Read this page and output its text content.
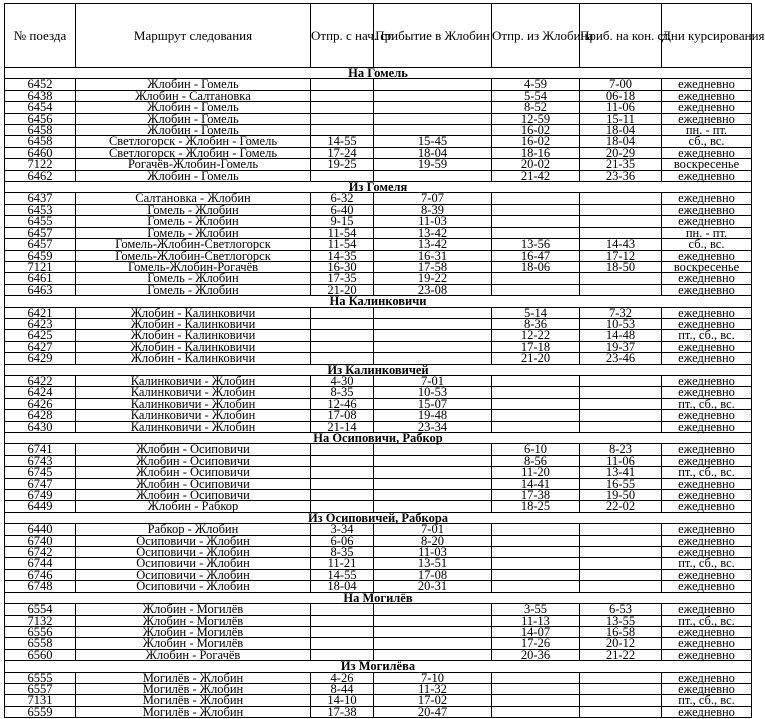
№ поезда	Маршрут следования	Отпр. с нач. ст.	Прибытие в Жлобин	Отпр. из Жлобина	Приб. на кон. ст.	Дни курсирования
На Гомель						
6452	Жлобин - Гомель			4-59	7-00	ежедневно
6438	Жлобин - Салтановка			5-54	06-18	ежедневно
6454	Жлобин - Гомель			8-52	11-06	ежедневно
6456	Жлобин - Гомель			12-59	15-11	ежедневно
6458	Жлобин - Гомель			16-02	18-04	пн. - пт.
6458	Светлогорск - Жлобин - Гомель	14-55	15-45	16-02	18-04	сб., вс.
6460	Светлогорск - Жлобин - Гомель	17-24	18-04	18-16	20-29	ежедневно
7122	Рогачёв-Жлобин-Гомель	19-25	19-59	20-02	21-35	воскресенье
6462	Жлобин - Гомель			21-42	23-36	ежедневно
Из Гомеля						
6437	Салтановка - Жлобин	6-32	7-07			ежедневно
6453	Гомель - Жлобин	6-40	8-39			ежедневно
6455	Гомель - Жлобин	9-15	11-03			ежедневно
6457	Гомель - Жлобин	11-54	13-42			пн. - пт.
6457	Гомель-Жлобин-Светлогорск	11-54	13-42	13-56	14-43	сб., вс.
6459	Гомель-Жлобин-Светлогорск	14-35	16-31	16-47	17-12	ежедневно
7121	Гомель-Жлобин-Рогачёв	16-30	17-58	18-06	18-50	воскресенье
6461	Гомель - Жлобин	17-35	19-22			ежедневно
6463	Гомель - Жлобин	21-20	23-08			ежедневно
На Калинковичи						
6421	Жлобин - Калинковичи			5-14	7-32	ежедневно
6423	Жлобин - Калинковичи			8-36	10-53	ежедневно
6425	Жлобин - Калинковичи			12-22	14-48	пт., сб., вс.
6427	Жлобин - Калинковичи			17-18	19-37	ежедневно
6429	Жлобин - Калинковичи			21-20	23-46	ежедневно
Из Калинковичей						
6422	Калинковичи - Жлобин	4-30	7-01			ежедневно
6424	Калинковичи - Жлобин	8-35	10-53			ежедневно
6426	Калинковичи - Жлобин	12-46	15-07			пт., сб., вс.
6428	Калинковичи - Жлобин	17-08	19-48			ежедневно
6430	Калинковичи - Жлобин	21-14	23-34			ежедневно
На Осиповичи, Рабкор						
6741	Жлобин - Осиповичи			6-10	8-23	ежедневно
6743	Жлобин - Осиповичи			8-56	11-06	ежедневно
6745	Жлобин - Осиповичи			11-20	13-41	пт., сб., вс.
6747	Жлобин - Осиповичи			14-41	16-55	ежедневно
6749	Жлобин - Осиповичи			17-38	19-50	ежедневно
6449	Жлобин - Рабкор			18-25	22-02	ежедневно
Из Осиповичей, Рабкора						
6440	Рабкор - Жлобин	3-34	7-01			ежедневно
6740	Осиповичи - Жлобин	6-06	8-20			ежедневно
6742	Осиповичи - Жлобин	8-35	11-03			ежедневно
6744	Осиповичи - Жлобин	11-21	13-51			пт., сб., вс.
6746	Осиповичи - Жлобин	14-55	17-08			ежедневно
6748	Осиповичи - Жлобин	18-04	20-31			ежедневно
На Могилёв						
6554	Жлобин - Могилёв			3-55	6-53	ежедневно
7132	Жлобин - Могилёв			11-13	13-55	пт., сб., вс.
6556	Жлобин - Могилёв			14-07	16-58	ежедневно
6558	Жлобин - Могилёв			17-26	20-12	ежедневно
6560	Жлобин - Рогачёв			20-36	21-22	ежедневно
Из Могилёва						
6555	Могилёв - Жлобин	4-26	7-10			ежедневно
6557	Могилёв - Жлобин	8-44	11-32			ежедневно
7131	Могилёв - Жлобин	14-10	17-02			пт., сб., вс.
6559	Могилёв - Жлобин	17-38	20-47			ежедневно
